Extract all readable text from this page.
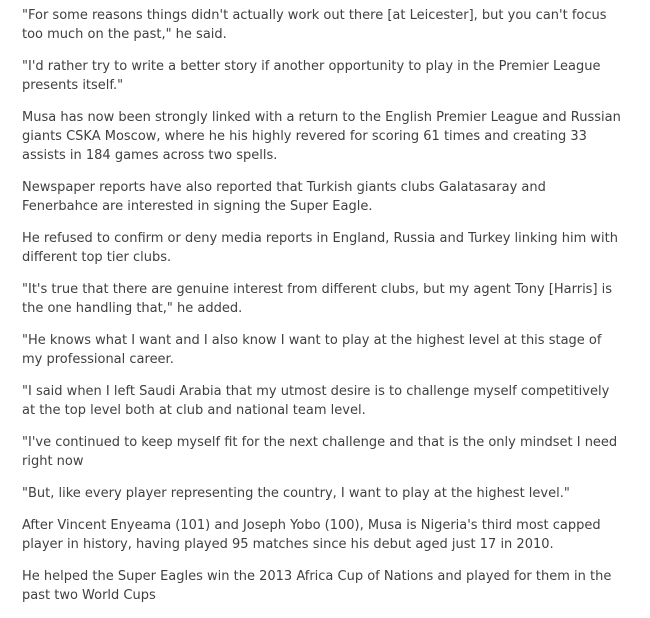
"For some reasons things didn't actually work out there [at Leicester], but you can't focus too much on the past," he said.

"I'd rather try to write a better story if another opportunity to play in the Premier League presents itself."

Musa has now been strongly linked with a return to the English Premier League and Russian giants CSKA Moscow, where he his highly revered for scoring 61 times and creating 33 assists in 184 games across two spells.

Newspaper reports have also reported that Turkish giants clubs Galatasaray and Fenerbahce are interested in signing the Super Eagle.

He refused to confirm or deny media reports in England, Russia and Turkey linking him with different top tier clubs.

"It's true that there are genuine interest from different clubs, but my agent Tony [Harris] is the one handling that," he added.

"He knows what I want and I also know I want to play at the highest level at this stage of my professional career.

"I said when I left Saudi Arabia that my utmost desire is to challenge myself competitively at the top level both at club and national team level.

"I've continued to keep myself fit for the next challenge and that is the only mindset I need right now

"But, like every player representing the country, I want to play at the highest level."

After Vincent Enyeama (101) and Joseph Yobo (100), Musa is Nigeria's third most capped player in history, having played 95 matches since his debut aged just 17 in 2010.

He helped the Super Eagles win the 2013 Africa Cup of Nations and played for them in the past two World Cups
